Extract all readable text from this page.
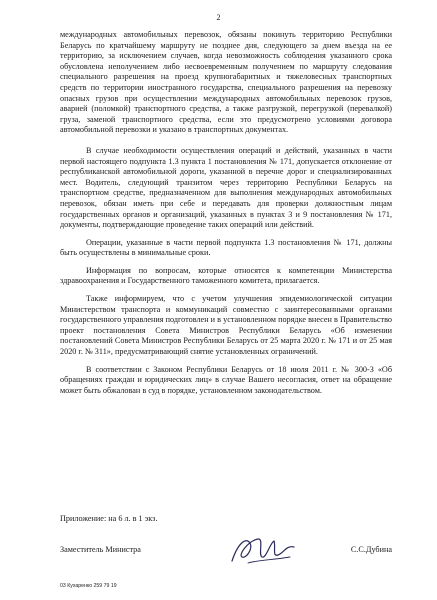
2

международных автомобильных перевозок, обязаны покинуть территорию Республики Беларусь по кратчайшему маршруту не позднее дня, следующего за днем въезда на ее территорию, за исключением случаев, когда невозможность соблюдения указанного срока обусловлена неполучением либо несвоевременным получением по маршруту следования специального разрешения на проезд крупногабаритных и тяжеловесных транспортных средств по территории иностранного государства, специального разрешения на перевозку опасных грузов при осуществлении международных автомобильных перевозок грузов, аварией (поломкой) транспортного средства, а также разгрузкой, перегрузкой (перевалкой) груза, заменой транспортного средства, если это предусмотрено условиями договора автомобильной перевозки и указано в транспортных документах.

В случае необходимости осуществления операций и действий, указанных в части первой настоящего подпункта 1.3 пункта 1 постановления № 171, допускается отклонение от республиканской автомобильной дороги, указанной в перечне дорог и специализированных мест. Водитель, следующий транзитом через территорию Республики Беларусь на транспортном средстве, предназначенном для выполнения международных автомобильных перевозок, обязан иметь при себе и передавать для проверки должностным лицам государственных органов и организаций, указанных в пунктах 3 и 9 постановления № 171, документы, подтверждающие проведение таких операций или действий.

Операции, указанные в части первой подпункта 1.3 постановления № 171, должны быть осуществлены в минимальные сроки.

Информация по вопросам, которые относятся к компетенции Министерства здравоохранения и Государственного таможенного комитета, прилагается.

Также информируем, что с учетом улучшения эпидемиологической ситуации Министерством транспорта и коммуникаций совместно с заинтересованными органами государственного управления подготовлен и в установленном порядке внесен в Правительство проект постановления Совета Министров Республики Беларусь «Об изменении постановлений Совета Министров Республики Беларусь от 25 марта 2020 г. № 171 и от 25 мая 2020 г. № 311», предусматривающий снятие установленных ограничений.

В соответствии с Законом Республики Беларусь от 18 июля 2011 г. № 300-З «Об обращениях граждан и юридических лиц» в случае Вашего несогласия, ответ на обращение может быть обжалован в суд в порядке, установленном законодательством.

Приложение: на 6 л. в 1 экз.
Заместитель Министра	С.С.Дубина
03 Кухаренко 259 79 19
